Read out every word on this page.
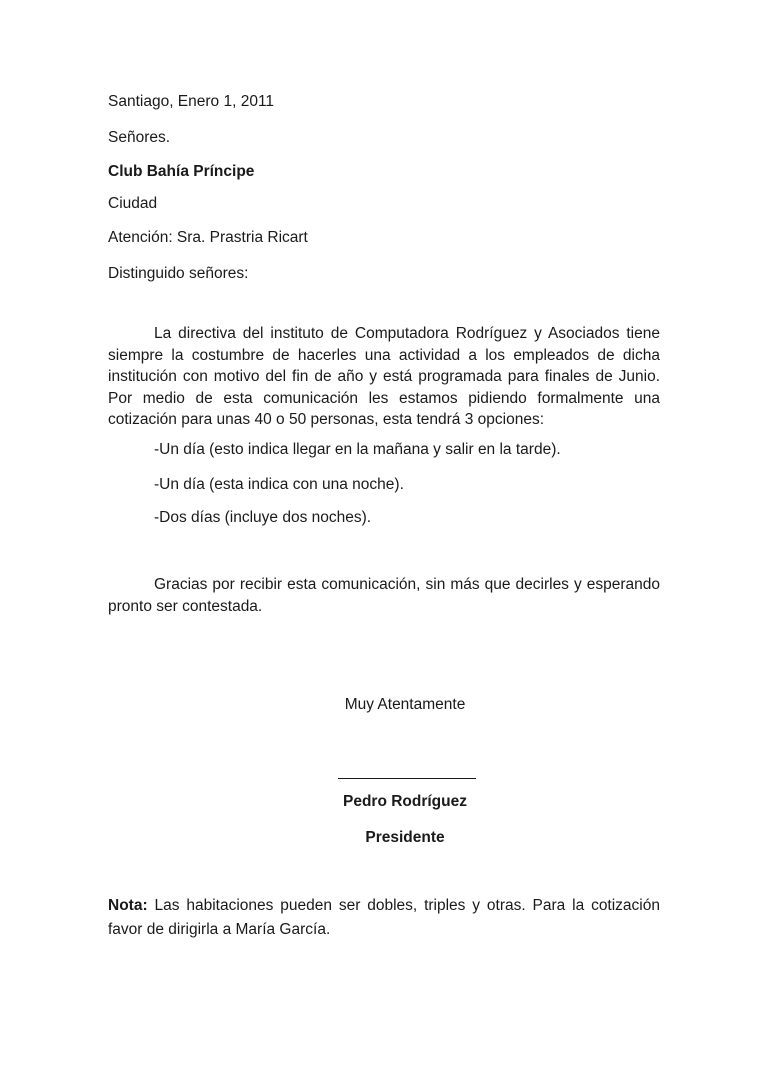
Santiago, Enero 1, 2011
Señores.
Club Bahía Príncipe
Ciudad
Atención: Sra. Prastria Ricart
Distinguido señores:
La directiva del instituto de Computadora Rodríguez y Asociados tiene siempre la costumbre de hacerles una actividad a los empleados de dicha institución con motivo del fin de año y está programada para finales de Junio. Por medio de esta comunicación les estamos pidiendo formalmente una cotización para unas 40 o 50 personas, esta tendrá 3 opciones:
-Un día (esto indica llegar en la mañana y salir en la tarde).
-Un día (esta indica con una noche).
-Dos días (incluye dos noches).
Gracias por recibir esta comunicación, sin más que decirles y esperando pronto ser contestada.
Muy Atentamente
Pedro Rodríguez
Presidente
Nota: Las habitaciones pueden ser dobles, triples y otras. Para la cotización favor de dirigirla a María García.
